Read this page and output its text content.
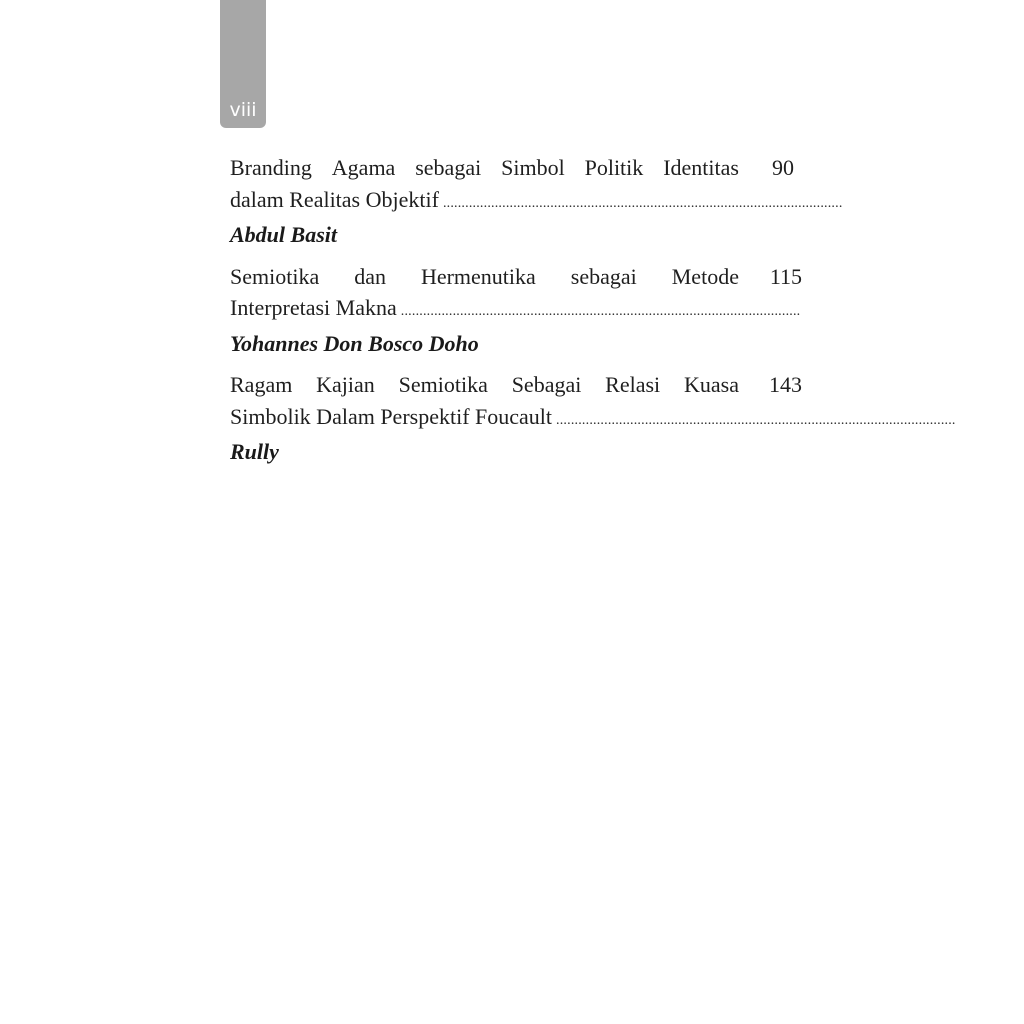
viii
Branding Agama sebagai Simbol Politik Identitas
dalam Realitas Objektif ............................................................................................................
90
Abdul Basit
Semiotika dan Hermenutika sebagai Metode
Interpretasi Makna ............................................................................................................
115
Yohannes Don Bosco Doho
Ragam Kajian Semiotika Sebagai Relasi Kuasa
Simbolik Dalam Perspektif Foucault ............................................................................................................
143
Rully
